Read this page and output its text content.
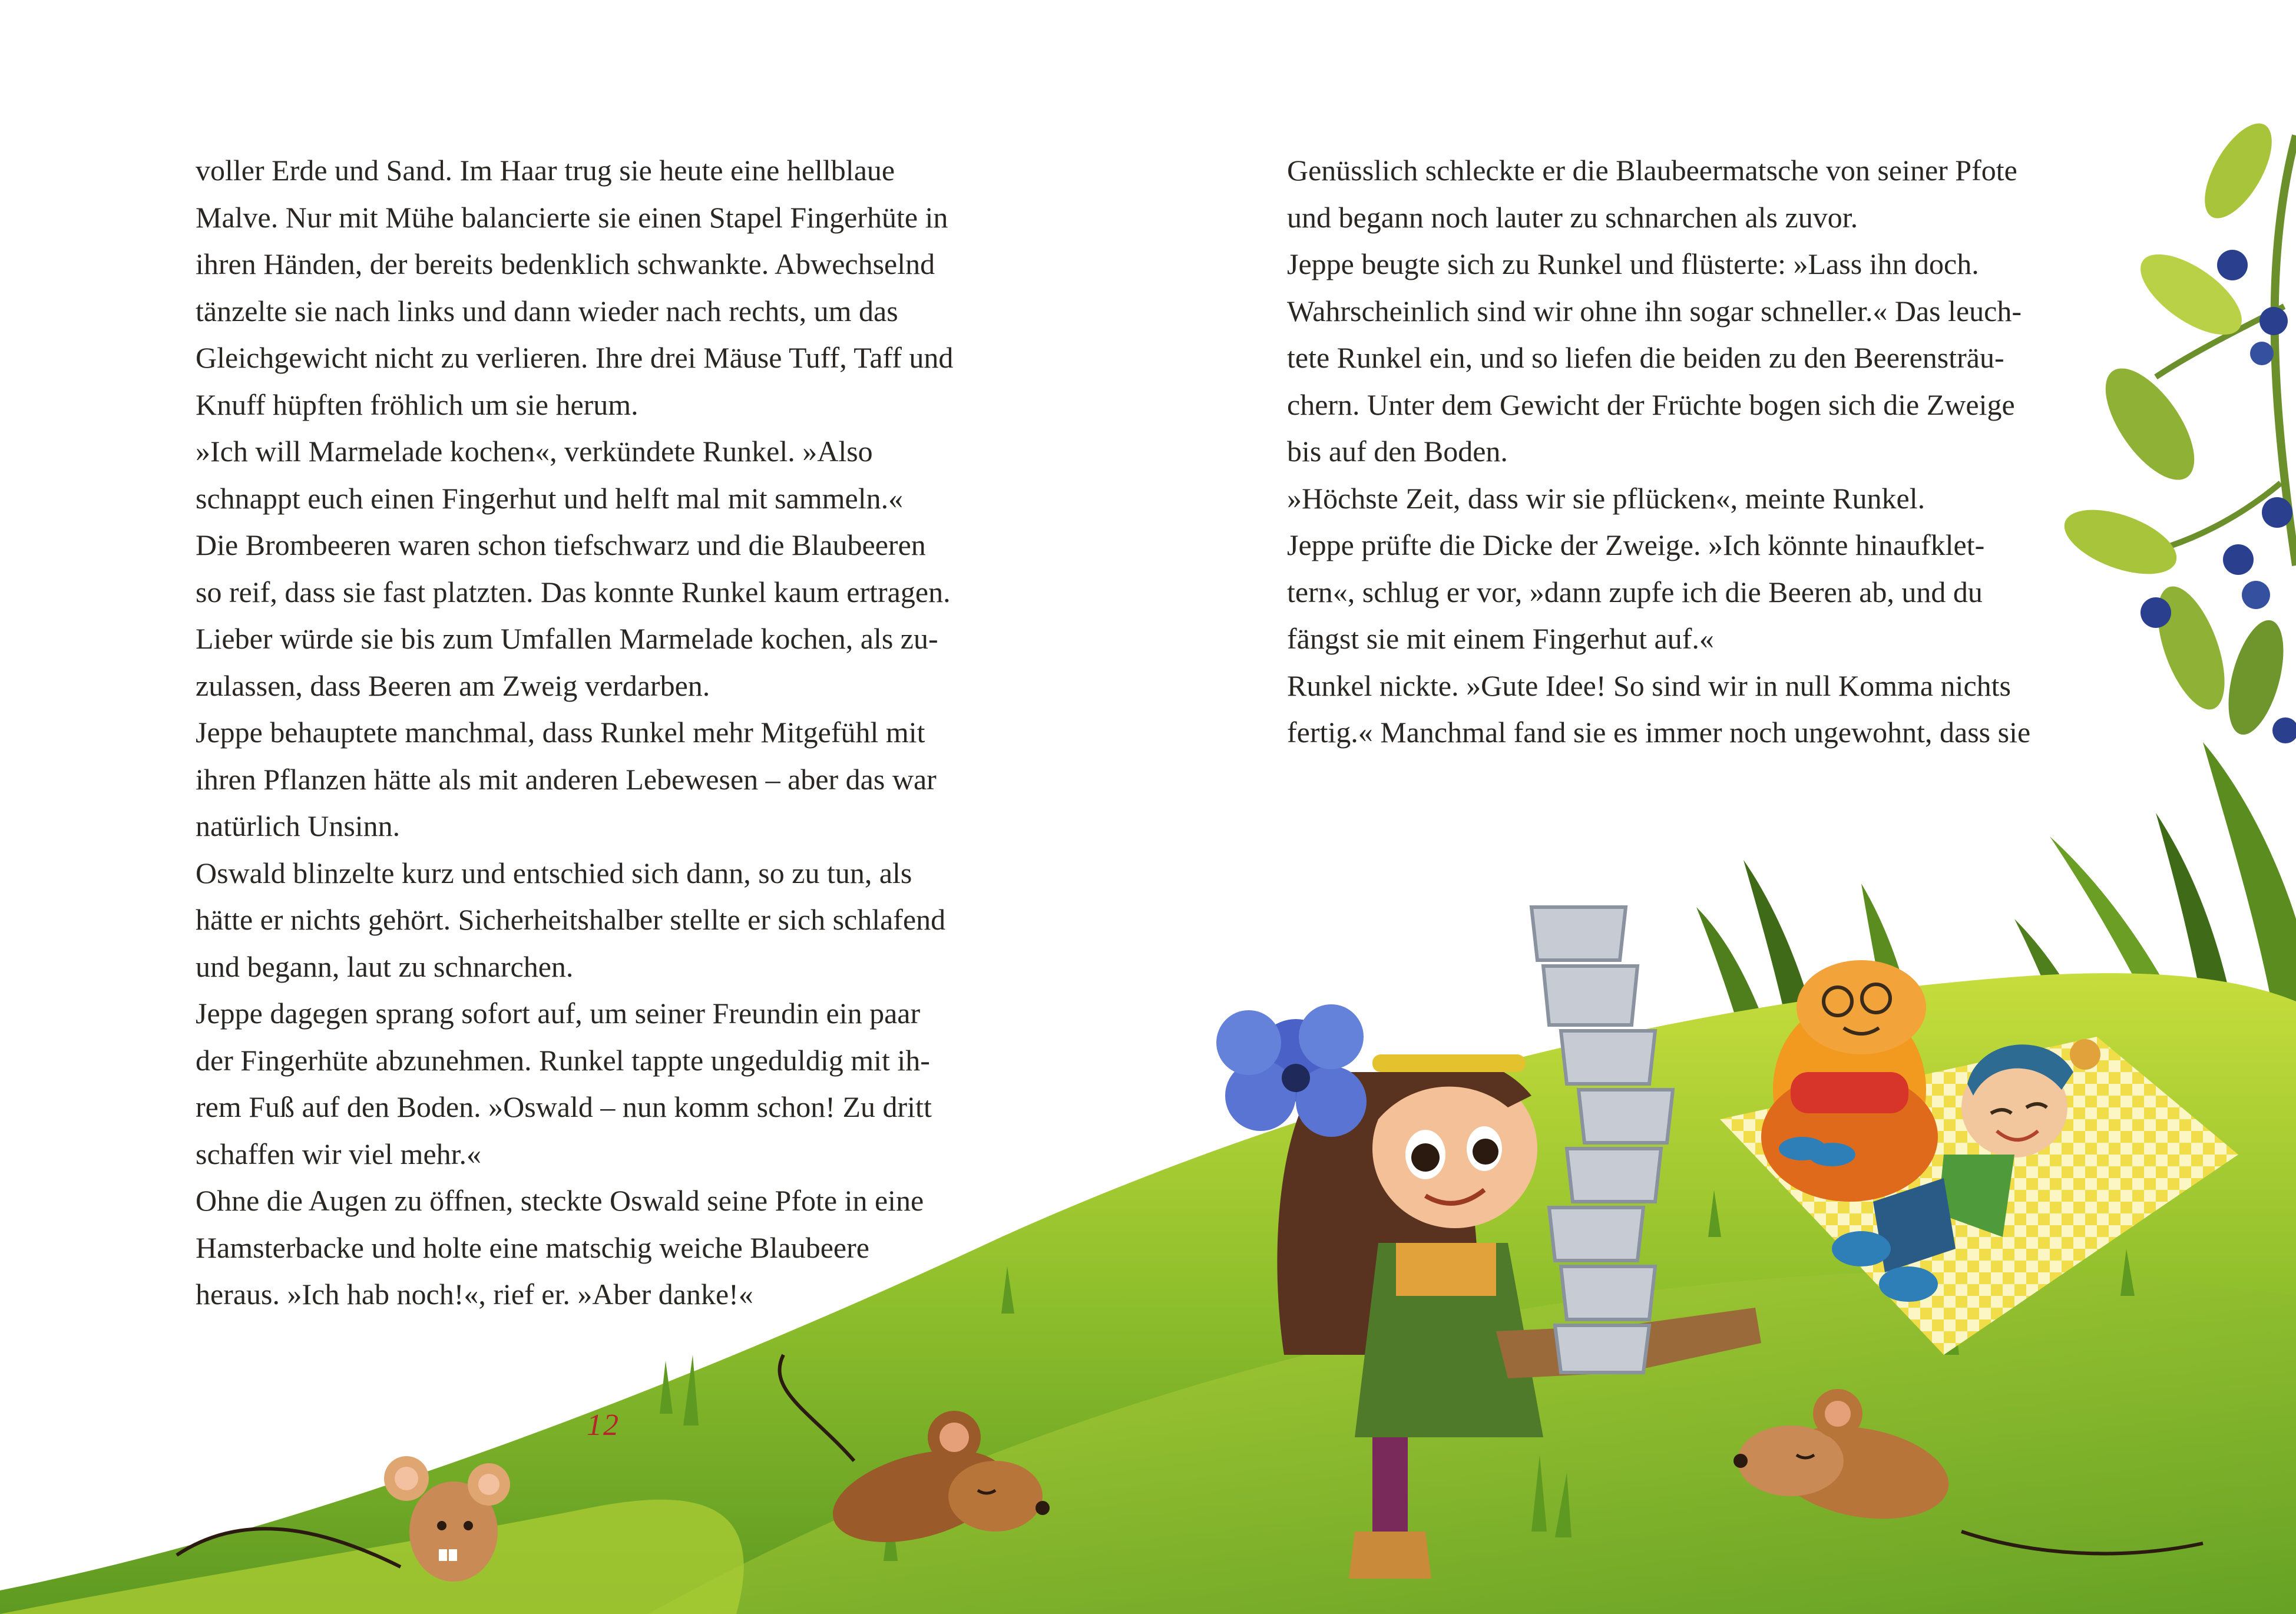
voller Erde und Sand. Im Haar trug sie heute eine hellblaue
Malve. Nur mit Mühe balancierte sie einen Stapel Fingerhüte in
ihren Händen, der bereits bedenklich schwankte. Abwechselnd
tänzelte sie nach links und dann wieder nach rechts, um das
Gleichgewicht nicht zu verlieren. Ihre drei Mäuse Tuff, Taff und
Knuff hüpften fröhlich um sie herum.
»Ich will Marmelade kochen«, verkündete Runkel. »Also
schnappt euch einen Fingerhut und helft mal mit sammeln.«
Die Brombeeren waren schon tiefschwarz und die Blaubeeren
so reif, dass sie fast platzten. Das konnte Runkel kaum ertragen.
Lieber würde sie bis zum Umfallen Marmelade kochen, als zu-
zulassen, dass Beeren am Zweig verdarben.
Jeppe behauptete manchmal, dass Runkel mehr Mitgefühl mit
ihren Pflanzen hätte als mit anderen Lebewesen – aber das war
natürlich Unsinn.
Oswald blinzelte kurz und entschied sich dann, so zu tun, als
hätte er nichts gehört. Sicherheitshalber stellte er sich schlafend
und begann, laut zu schnarchen.
Jeppe dagegen sprang sofort auf, um seiner Freundin ein paar
der Fingerhüte abzunehmen. Runkel tappte ungeduldig mit ih-
rem Fuß auf den Boden. »Oswald – nun komm schon! Zu dritt
schaffen wir viel mehr.«
Ohne die Augen zu öffnen, steckte Oswald seine Pfote in eine
Hamsterbacke und holte eine matschig weiche Blaubeere
heraus. »Ich hab noch!«, rief er. »Aber danke!«
Genüsslich schleckte er die Blaubeermatsche von seiner Pfote
und begann noch lauter zu schnarchen als zuvor.
Jeppe beugte sich zu Runkel und flüsterte: »Lass ihn doch.
Wahrscheinlich sind wir ohne ihn sogar schneller.« Das leuch-
tete Runkel ein, und so liefen die beiden zu den Beerensträu-
chern. Unter dem Gewicht der Früchte bogen sich die Zweige
bis auf den Boden.
»Höchste Zeit, dass wir sie pflücken«, meinte Runkel.
Jeppe prüfte die Dicke der Zweige. »Ich könnte hinaufklet-
tern«, schlug er vor, »dann zupfe ich die Beeren ab, und du
fängst sie mit einem Fingerhut auf.«
Runkel nickte. »Gute Idee! So sind wir in null Komma nichts
fertig.« Manchmal fand sie es immer noch ungewohnt, dass sie
12
